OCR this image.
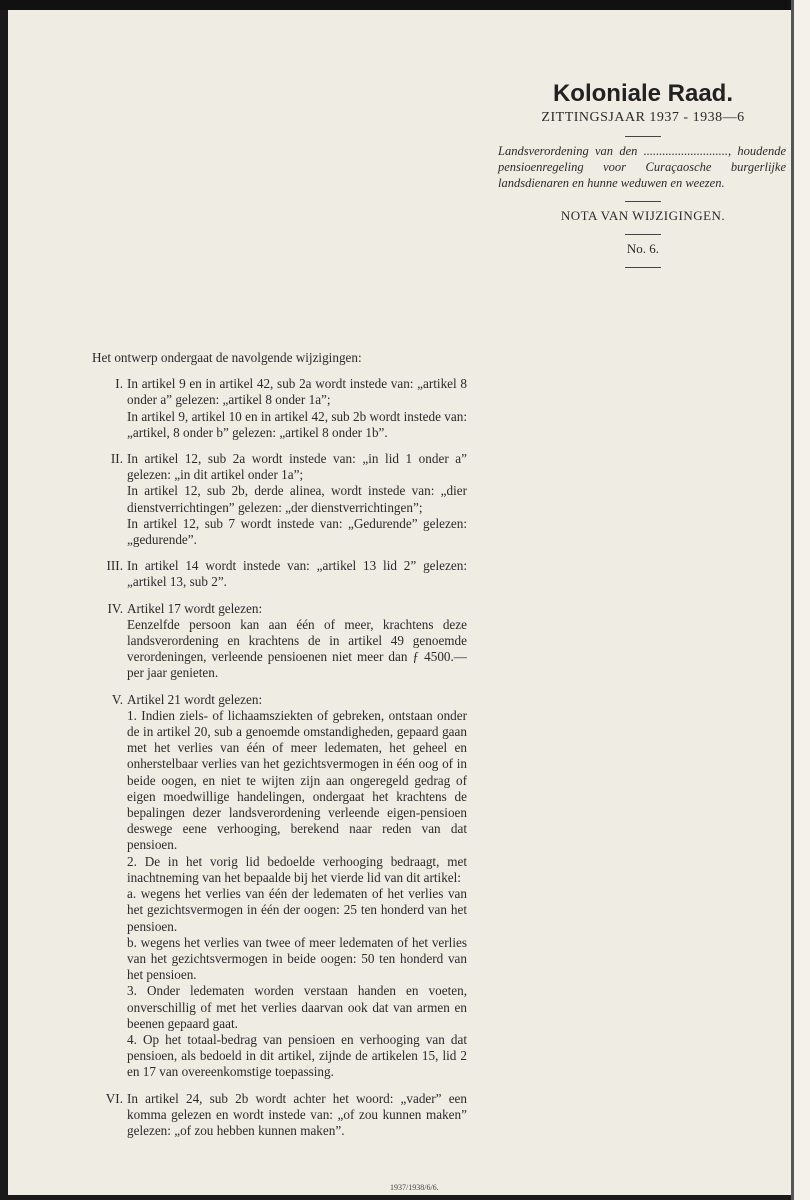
Koloniale Raad.
ZITTINGSJAAR 1937 - 1938—6
Landsverordening van den ..........................., houdende pensioenregeling voor Curaçaosche burgerlijke landsdienaren en hunne weduwen en weezen.
NOTA VAN WIJZIGINGEN.
No. 6.

Het ontwerp ondergaat de navolgende wijzigingen:

I. In artikel 9 en in artikel 42, sub 2a wordt instede van: „artikel 8 onder a” gelezen: „artikel 8 onder 1a”;

In artikel 9, artikel 10 en in artikel 42, sub 2b wordt instede van: „artikel, 8 onder b” gelezen: „artikel 8 onder 1b”.

II. In artikel 12, sub 2a wordt instede van: „in lid 1 onder a” gelezen: „in dit artikel onder 1a”;

In artikel 12, sub 2b, derde alinea, wordt instede van: „dier dienstverrichtingen” gelezen: „der dienstverrichtingen”;

In artikel 12, sub 7 wordt instede van: „Gedurende” gelezen: „gedurende”.

III. In artikel 14 wordt instede van: „artikel 13 lid 2” gelezen: „artikel 13, sub 2”.

IV. Artikel 17 wordt gelezen:

Eenzelfde persoon kan aan één of meer, krachtens deze landsverordening en krachtens de in artikel 49 genoemde verordeningen, verleende pensioenen niet meer dan ƒ 4500.— per jaar genieten.

V. Artikel 21 wordt gelezen:

1. Indien ziels- of lichaamsziekten of gebreken, ontstaan onder de in artikel 20, sub a genoemde omstandigheden, gepaard gaan met het verlies van één of meer ledematen, het geheel en onherstelbaar verlies van het gezichtsvermogen in één oog of in beide oogen, en niet te wijten zijn aan ongeregeld gedrag of eigen moedwillige handelingen, ondergaat het krachtens de bepalingen dezer landsverordening verleende eigen-pensioen deswege eene verhooging, berekend naar reden van dat pensioen.

2. De in het vorig lid bedoelde verhooging bedraagt, met inachtneming van het bepaalde bij het vierde lid van dit artikel:

a. wegens het verlies van één der ledematen of het verlies van het gezichtsvermogen in één der oogen: 25 ten honderd van het pensioen.

b. wegens het verlies van twee of meer ledematen of het verlies van het gezichtsvermogen in beide oogen: 50 ten honderd van het pensioen.

3. Onder ledematen worden verstaan handen en voeten, onverschillig of met het verlies daarvan ook dat van armen en beenen gepaard gaat.

4. Op het totaal-bedrag van pensioen en verhooging van dat pensioen, als bedoeld in dit artikel, zijnde de artikelen 15, lid 2 en 17 van overeenkomstige toepassing.

VI. In artikel 24, sub 2b wordt achter het woord: „vader” een komma gelezen en wordt instede van: „of zou kunnen maken” gelezen: „of zou hebben kunnen maken”.

1937/1938/6/6.
